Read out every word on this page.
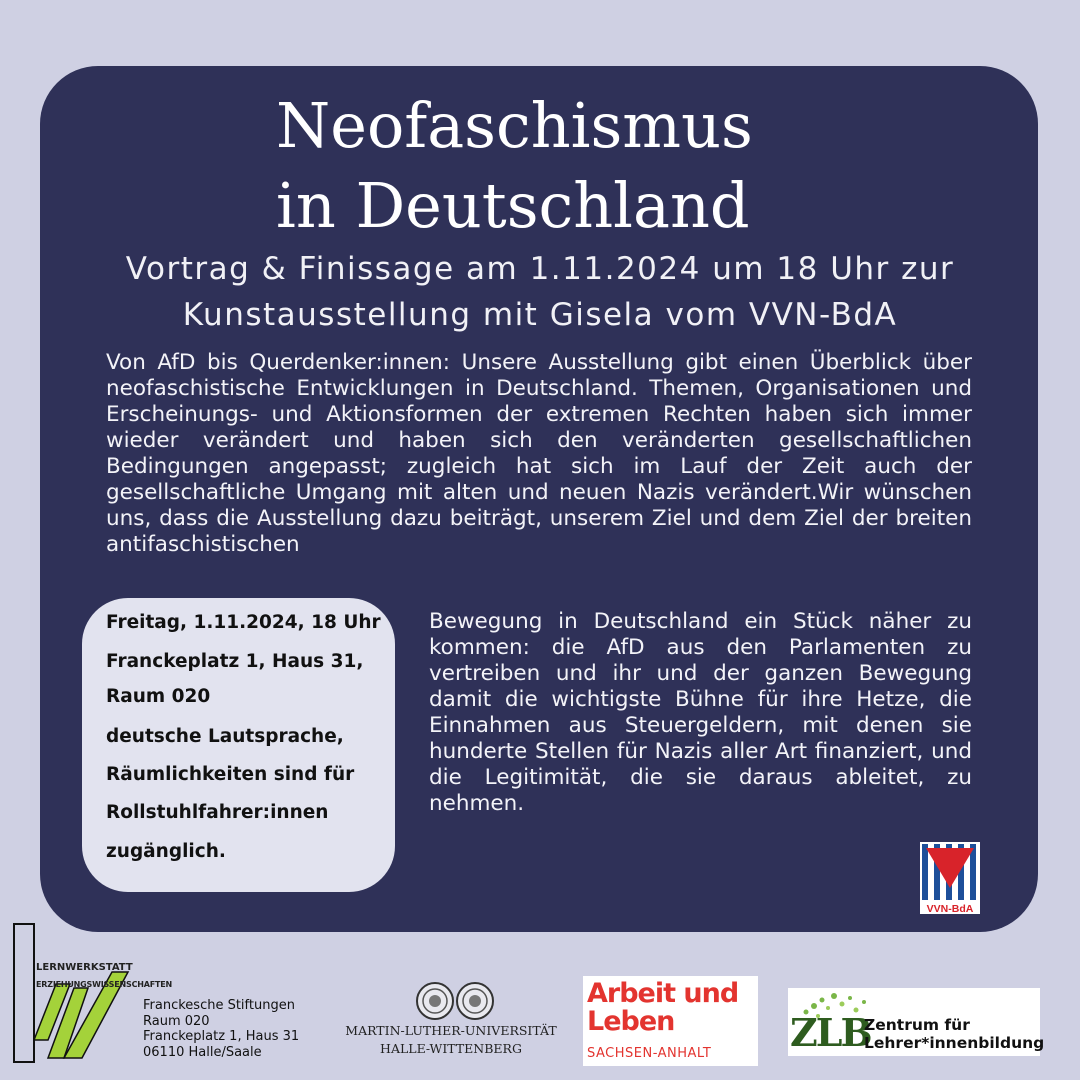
Neofaschismus
in Deutschland
Vortrag & Finissage am 1.11.2024 um 18 Uhr zur
Kunstausstellung mit Gisela vom VVN-BdA
Von AfD bis Querdenker:innen: Unsere Ausstellung gibt einen Überblick über neofaschistische Entwicklungen in Deutschland. Themen, Organisationen und Erscheinungs- und Aktionsformen der extremen Rechten haben sich immer wieder verändert und haben sich den veränderten gesellschaftlichen Bedingungen angepasst; zugleich hat sich im Lauf der Zeit auch der gesellschaftliche Umgang mit alten und neuen Nazis verändert.Wir wünschen uns, dass die Ausstellung dazu beiträgt, unserem Ziel und dem Ziel der breiten antifaschistischen
Freitag, 1.11.2024, 18 Uhr
Franckeplatz 1, Haus 31,
Raum 020
deutsche Lautsprache,
Räumlichkeiten sind für
Rollstuhlfahrer:innen
zugänglich.
Bewegung in Deutschland ein Stück näher zu kommen: die AfD aus den Parlamenten zu vertreiben und ihr und der ganzen Bewegung damit die wichtigste Bühne für ihre Hetze, die Einnahmen aus Steuergeldern, mit denen sie hunderte Stellen für Nazis aller Art finanziert, und die Legitimität, die sie daraus ableitet, zu nehmen.
VVN-BdA
LERNWERKSTATT
ERZIEHUNGSWISSENSCHAFTEN
Franckesche Stiftungen
Raum 020
Franckeplatz 1, Haus 31
06110 Halle/Saale
MARTIN-LUTHER-UNIVERSITÄT
HALLE-WITTENBERG
Arbeit und
Leben
SACHSEN-ANHALT ZLB
Zentrum für
Lehrer*innenbildung
